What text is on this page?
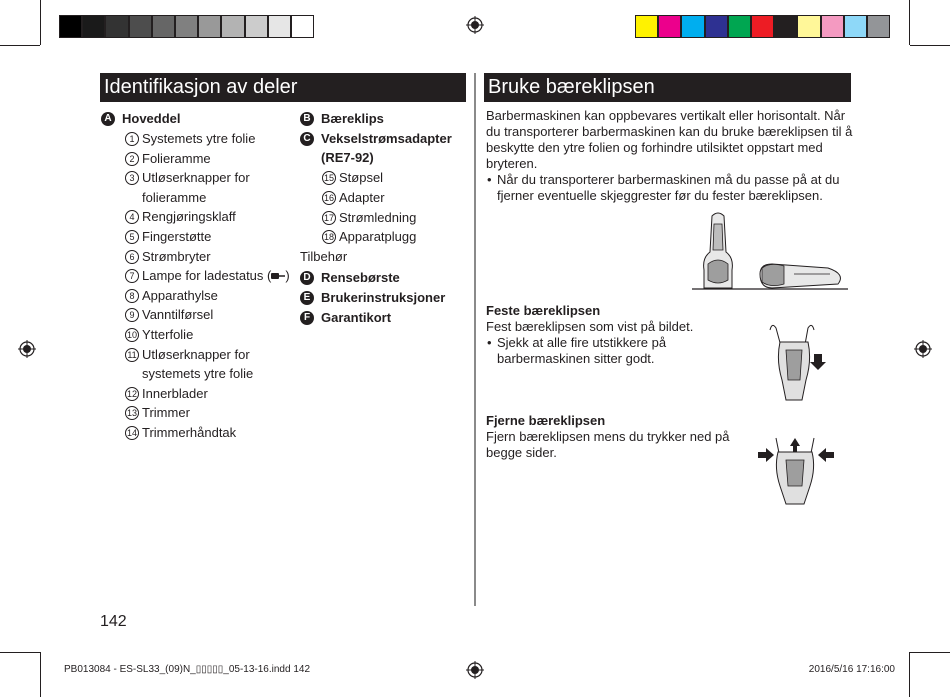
Identifikasjon av deler
A Hoveddel
1 Systemets ytre folie
2 Folieramme
3 Utløserknapper for
folieramme
4 Rengjøringsklaff
5 Fingerstøtte
6 Strømbryter
7 Lampe for ladestatus ( )
8 Apparathylse
9 Vanntilførsel
10 Ytterfolie
11 Utløserknapper for
systemets ytre folie
12 Innerblader
13 Trimmer
14 Trimmerhåndtak
B Bæreklips
C Vekselstrømsadapter
(RE7-92)
15 Støpsel
16 Adapter
17 Strømledning
18 Apparatplugg
Tilbehør
D Rensebørste
E Brukerinstruksjoner
F Garantikort
Bruke bæreklipsen
Barbermaskinen kan oppbevares vertikalt eller horisontalt. Når du transporterer barbermaskinen kan du bruke bæreklipsen til å beskytte den ytre folien og forhindre utilsiktet oppstart med bryteren.
• Når du transporterer barbermaskinen må du passe på at du fjerner eventuelle skjeggrester før du fester bæreklipsen.
Feste bæreklipsen
Fest bæreklipsen som vist på bildet.
• Sjekk at alle fire utstikkere på barbermaskinen sitter godt.
Fjerne bæreklipsen
Fjern bæreklipsen mens du trykker ned på begge sider.
142
PB013084 - ES-SL33_(09)N_▯▯▯▯▯_05-13-16.indd 142	2016/5/16 17:16:00
